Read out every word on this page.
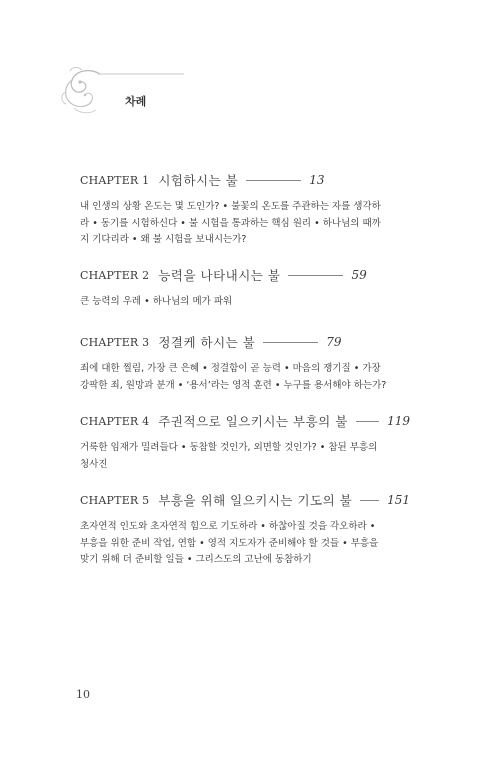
차례
CHAPTER 1 시험하시는 불	13
내 인생의 상황 온도는 몇 도인가? • 불꽃의 온도를 주관하는 자를 생각하
라 • 동기를 시험하신다 • 불 시험을 통과하는 핵심 원리 • 하나님의 때까
지 기다리라 • 왜 불 시험을 보내시는가?
CHAPTER 2 능력을 나타내시는 불	59
큰 능력의 우레 • 하나님의 메가 파워
CHAPTER 3 정결케 하시는 불	79
죄에 대한 찔림, 가장 큰 은혜 • 정결함이 곧 능력 • 마음의 쟁기질 • 가장
강팍한 죄, 원망과 분개 • ‘용서’라는 영적 훈련 • 누구를 용서해야 하는가?
CHAPTER 4 주권적으로 일으키시는 부흥의 불	119
거룩한 임재가 밀려들다 • 동참할 것인가, 외면할 것인가? • 참된 부흥의
청사진
CHAPTER 5 부흥을 위해 일으키시는 기도의 불	151
초자연적 인도와 초자연적 힘으로 기도하라 • 하찮아질 것을 각오하라 •
부흥을 위한 준비 작업, 연합 • 영적 지도자가 준비해야 할 것들 • 부흥을
맞기 위해 더 준비할 일들 • 그리스도의 고난에 동참하기
10
